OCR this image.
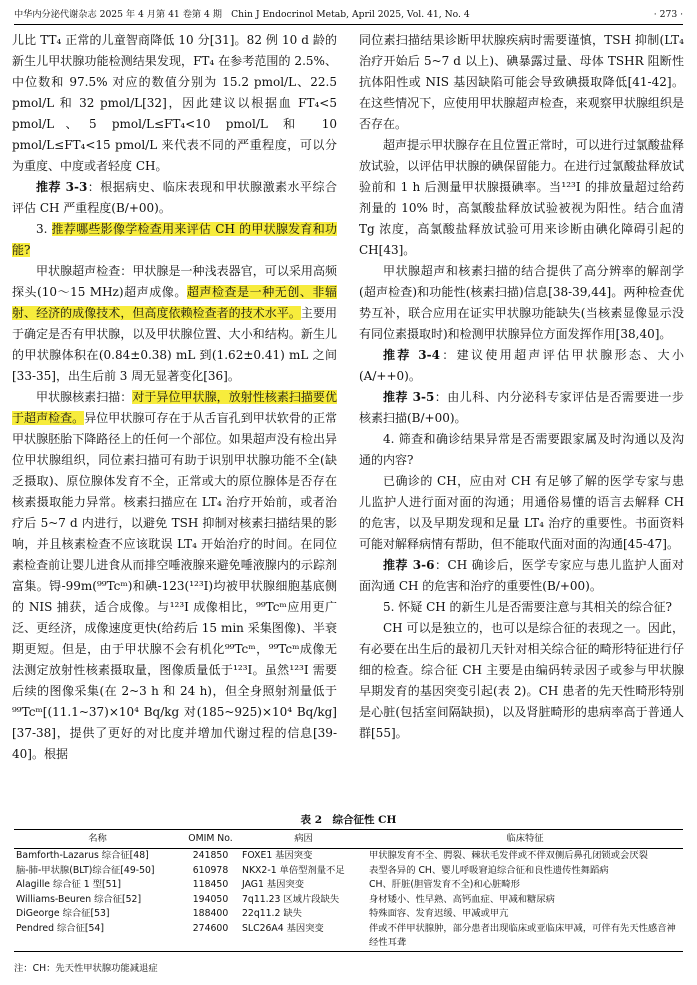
中华内分泌代谢杂志 2025 年 4 月第 41 卷第 4 期　Chin J Endocrinol Metab, April 2025, Vol. 41, No. 4	· 273 ·

儿比 TT₄ 正常的儿童智商降低 10 分[31]。82 例 10 d 龄的新生儿甲状腺功能检测结果发现，FT₄ 在参考范围的 2.5%、中位数和 97.5% 对应的数值分别为 15.2 pmol/L、22.5 pmol/L 和 32 pmol/L[32]，因此建议以根据血 FT₄<5 pmol/L、5 pmol/L≤FT₄<10 pmol/L 和 10 pmol/L≤FT₄<15 pmol/L 来代表不同的严重程度，可以分为重度、中度或者轻度 CH。

推荐 3-3：根据病史、临床表现和甲状腺激素水平综合评估 CH 严重程度(B/+00)。

3. 推荐哪些影像学检查用来评估 CH 的甲状腺发育和功能?

甲状腺超声检查：甲状腺是一种浅表器官，可以采用高频探头(10～15 MHz)超声成像。超声检查是一种无创、非辐射、经济的成像技术，但高度依赖检查者的技术水平。主要用于确定是否有甲状腺，以及甲状腺位置、大小和结构。新生儿的甲状腺体积在(0.84±0.38) mL 到(1.62±0.41) mL 之间[33-35]，出生后前 3 周无显著变化[36]。

甲状腺核素扫描：对于异位甲状腺，放射性核素扫描要优于超声检查。异位甲状腺可存在于从舌盲孔到甲状软骨的正常甲状腺胚胎下降路径上的任何一个部位。如果超声没有检出异位甲状腺组织，同位素扫描可有助于识别甲状腺功能不全(缺乏摄取)、原位腺体发育不全，正常或大的原位腺体是否存在核素摄取能力异常。核素扫描应在 LT₄ 治疗开始前，或者治疗后 5~7 d 内进行，以避免 TSH 抑制对核素扫描结果的影响，并且核素检查不应该耽误 LT₄ 开始治疗的时间。在同位素检查前让婴儿进食从而排空唾液腺来避免唾液腺内的示踪剂富集。锝-99m(⁹⁹Tcᵐ)和碘-123(¹²³I)均被甲状腺细胞基底侧的 NIS 捕获，适合成像。与¹²³I 成像相比，⁹⁹Tcᵐ应用更广泛、更经济，成像速度更快(给药后 15 min 采集图像)、半衰期更短。但是，由于甲状腺不会有机化⁹⁹Tcᵐ，⁹⁹Tcᵐ成像无法测定放射性核素摄取量，图像质量低于¹²³I。虽然¹²³I 需要后续的图像采集(在 2~3 h 和 24 h)，但全身照射剂量低于⁹⁹Tcᵐ[(11.1~37)×10⁴ Bq/kg 对(185~925)×10⁴ Bq/kg][37-38]，提供了更好的对比度并增加代谢过程的信息[39-40]。根据

同位素扫描结果诊断甲状腺疾病时需要谨慎，TSH 抑制(LT₄ 治疗开始后 5~7 d 以上)、碘暴露过量、母体 TSHR 阻断性抗体阳性或 NIS 基因缺陷可能会导致碘摄取降低[41-42]。在这些情况下，应使用甲状腺超声检查，来观察甲状腺组织是否存在。

超声提示甲状腺存在且位置正常时，可以进行过氯酸盐释放试验，以评估甲状腺的碘保留能力。在进行过氯酸盐释放试验前和 1 h 后测量甲状腺摄碘率。当¹²³I 的排放量超过给药剂量的 10% 时，高氯酸盐释放试验被视为阳性。结合血清 Tg 浓度，高氯酸盐释放试验可用来诊断由碘化障碍引起的 CH[43]。

甲状腺超声和核素扫描的结合提供了高分辨率的解剖学(超声检查)和功能性(核素扫描)信息[38-39,44]。两种检查优势互补，联合应用在证实甲状腺功能缺失(当核素显像显示没有同位素摄取时)和检测甲状腺异位方面发挥作用[38,40]。

推荐 3-4：建议使用超声评估甲状腺形态、大小(A/++0)。

推荐 3-5：由儿科、内分泌科专家评估是否需要进一步核素扫描(B/+00)。

4. 筛查和确诊结果异常是否需要跟家属及时沟通以及沟通的内容?

已确诊的 CH，应由对 CH 有足够了解的医学专家与患儿监护人进行面对面的沟通；用通俗易懂的语言去解释 CH 的危害，以及早期发现和足量 LT₄ 治疗的重要性。书面资料可能对解释病情有帮助，但不能取代面对面的沟通[45-47]。

推荐 3-6：CH 确诊后，医学专家应与患儿监护人面对面沟通 CH 的危害和治疗的重要性(B/+00)。

5. 怀疑 CH 的新生儿是否需要注意与其相关的综合征?

CH 可以是独立的，也可以是综合征的表现之一。因此，有必要在出生后的最初几天针对相关综合征的畸形特征进行仔细的检查。综合征 CH 主要是由编码转录因子或参与甲状腺早期发育的基因突变引起(表 2)。CH 患者的先天性畸形特别是心脏(包括室间隔缺损)，以及肾脏畸形的患病率高于普通人群[55]。

表 2　综合征性 CH
名称	OMIM No.	病因	临床特征
Bamforth-Lazarus 综合征[48]	241850	FOXE1 基因突变	甲状腺发育不全、腭裂、棘状毛发伴或不伴双侧后鼻孔闭锁或会厌裂
脑-肺-甲状腺(BLT)综合征[49-50]	610978	NKX2-1 单倍型剂量不足	表型各异的 CH、婴儿呼吸窘迫综合征和良性遗传性舞蹈病
Alagille 综合征 1 型[51]	118450	JAG1 基因突变	CH、肝脏(胆管发育不全)和心脏畸形
Williams-Beuren 综合征[52]	194050	7q11.23 区域片段缺失	身材矮小、性早熟、高钙血症、甲减和糖尿病
DiGeorge 综合征[53]	188400	22q11.2 缺失	特殊面容、发育迟缓、甲减或甲亢
Pendred 综合征[54]	274600	SLC26A4 基因突变	伴或不伴甲状腺肿，部分患者出现临床或亚临床甲减，可伴有先天性感音神经性耳聋
注：CH：先天性甲状腺功能减退症
